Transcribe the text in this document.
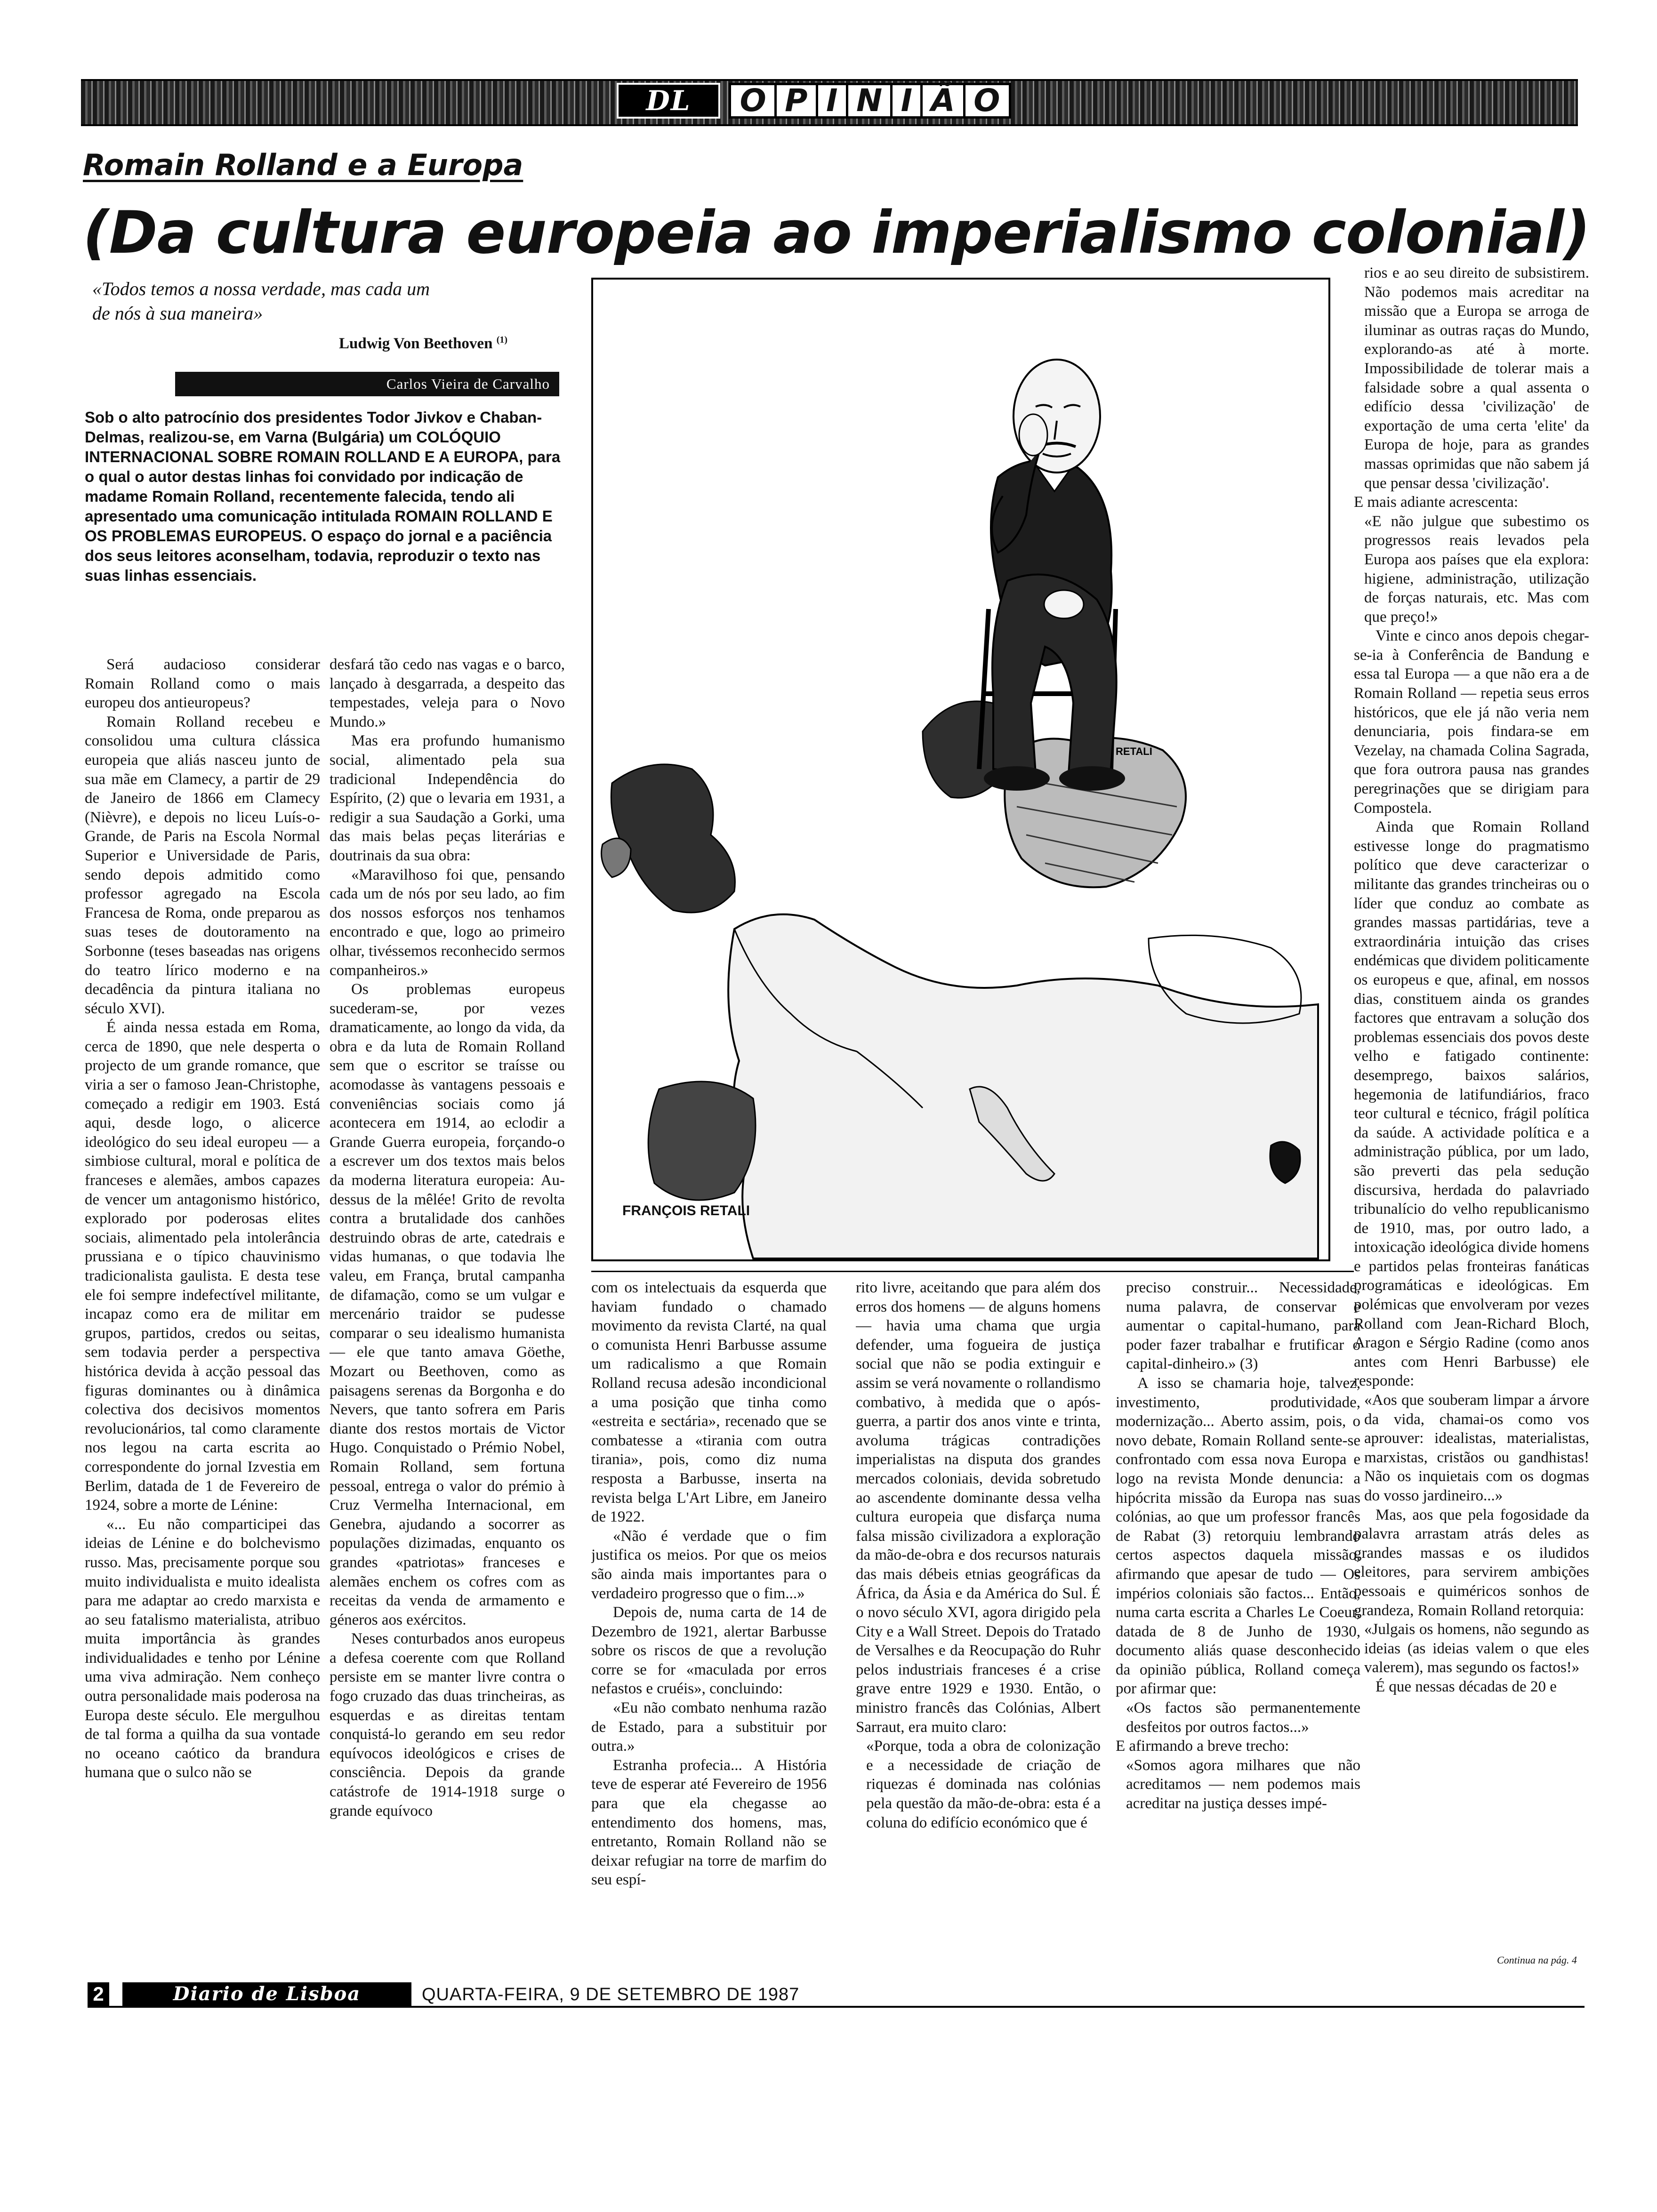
DL O P I N I Ã O
Romain Rolland e a Europa
(Da cultura europeia ao imperialismo colonial)
«Todos temos a nossa verdade, mas cada um
de nós à sua maneira»
Ludwig Von Beethoven $^{(1)}$
Carlos Vieira de Carvalho
Sob o alto patrocínio dos presidentes Todor Jivkov e Chaban-Delmas, realizou-se, em Varna (Bulgária) um COLÓQUIO INTERNACIONAL SOBRE ROMAIN ROLLAND E A EUROPA, para o qual o autor destas linhas foi convidado por indicação de madame Romain Rolland, recentemente falecida, tendo ali apresentado uma comunicação intitulada ROMAIN ROLLAND E OS PROBLEMAS EUROPEUS. O espaço do jornal e a paciência dos seus leitores aconselham, todavia, reproduzir o texto nas suas linhas essenciais.
RETALI
FRANÇOIS RETALI

Será audacioso considerar Romain Rolland como o mais europeu dos antieuropeus?

Romain Rolland recebeu e consolidou uma cultura clássica europeia que aliás nasceu junto de sua mãe em Clamecy, a partir de 29 de Janeiro de 1866 em Clamecy (Nièvre), e depois no liceu Luís-o-Grande, de Paris na Escola Normal Superior e Universidade de Paris, sendo depois admitido como professor agregado na Escola Francesa de Roma, onde preparou as suas teses de doutoramento na Sorbonne (teses baseadas nas origens do teatro lírico moderno e na decadência da pintura italiana no século XVI).

É ainda nessa estada em Roma, cerca de 1890, que nele desperta o projecto de um grande romance, que viria a ser o famoso Jean-Christophe, começado a redigir em 1903. Está aqui, desde logo, o alicerce ideológico do seu ideal europeu — a simbiose cultural, moral e política de franceses e alemães, ambos capazes de vencer um antagonismo histórico, explorado por poderosas elites sociais, alimentado pela intolerância prussiana e o típico chauvinismo tradicionalista gaulista. E desta tese ele foi sempre indefectível militante, incapaz como era de militar em grupos, partidos, credos ou seitas, sem todavia perder a perspectiva histórica devida à acção pessoal das figuras dominantes ou à dinâmica colectiva dos decisivos momentos revolucionários, tal como claramente nos legou na carta escrita ao correspondente do jornal Izvestia em Berlim, datada de 1 de Fevereiro de 1924, sobre a morte de Lénine:

«... Eu não comparticipei das ideias de Lénine e do bolchevismo russo. Mas, precisamente porque sou muito individualista e muito idealista para me adaptar ao credo marxista e ao seu fatalismo materialista, atribuo muita importância às grandes individualidades e tenho por Lénine uma viva admiração. Nem conheço outra personalidade mais poderosa na Europa deste século. Ele mergulhou de tal forma a quilha da sua vontade no oceano caótico da brandura humana que o sulco não se

desfará tão cedo nas vagas e o barco, lançado à desgarrada, a despeito das tempestades, veleja para o Novo Mundo.»

Mas era profundo humanismo social, alimentado pela sua tradicional Independência do Espírito, (2) que o levaria em 1931, a redigir a sua Saudação a Gorki, uma das mais belas peças literárias e doutrinais da sua obra:

«Maravilhoso foi que, pensando cada um de nós por seu lado, ao fim dos nossos esforços nos tenhamos encontrado e que, logo ao primeiro olhar, tivéssemos reconhecido sermos companheiros.»

Os problemas europeus sucederam-se, por vezes dramaticamente, ao longo da vida, da obra e da luta de Romain Rolland sem que o escritor se traísse ou acomodasse às vantagens pessoais e conveniências sociais como já acontecera em 1914, ao eclodir a Grande Guerra europeia, forçando-o a escrever um dos textos mais belos da moderna literatura europeia: Au-dessus de la mêlée! Grito de revolta contra a brutalidade dos canhões destruindo obras de arte, catedrais e vidas humanas, o que todavia lhe valeu, em França, brutal campanha de difamação, como se um vulgar e mercenário traidor se pudesse comparar o seu idealismo humanista — ele que tanto amava Göethe, Mozart ou Beethoven, como as paisagens serenas da Borgonha e do Nevers, que tanto sofrera em Paris diante dos restos mortais de Victor Hugo. Conquistado o Prémio Nobel, Romain Rolland, sem fortuna pessoal, entrega o valor do prémio à Cruz Vermelha Internacional, em Genebra, ajudando a socorrer as populações dizimadas, enquanto os grandes «patriotas» franceses e alemães enchem os cofres com as receitas da venda de armamento e géneros aos exércitos.

Neses conturbados anos europeus a defesa coerente com que Rolland persiste em se manter livre contra o fogo cruzado das duas trincheiras, as esquerdas e as direitas tentam conquistá-lo gerando em seu redor equívocos ideológicos e crises de consciência. Depois da grande catástrofe de 1914-1918 surge o grande equívoco

com os intelectuais da esquerda que haviam fundado o chamado movimento da revista Clarté, na qual o comunista Henri Barbusse assume um radicalismo a que Romain Rolland recusa adesão incondicional a uma posição que tinha como «estreita e sectária», recenado que se combatesse a «tirania com outra tirania», pois, como diz numa resposta a Barbusse, inserta na revista belga L'Art Libre, em Janeiro de 1922.

«Não é verdade que o fim justifica os meios. Por que os meios são ainda mais importantes para o verdadeiro progresso que o fim...»

Depois de, numa carta de 14 de Dezembro de 1921, alertar Barbusse sobre os riscos de que a revolução corre se for «maculada por erros nefastos e cruéis», concluindo:

«Eu não combato nenhuma razão de Estado, para a substituir por outra.»

Estranha profecia... A História teve de esperar até Fevereiro de 1956 para que ela chegasse ao entendimento dos homens, mas, entretanto, Romain Rolland não se deixar refugiar na torre de marfim do seu espí-

rito livre, aceitando que para além dos erros dos homens — de alguns homens — havia uma chama que urgia defender, uma fogueira de justiça social que não se podia extinguir e assim se verá novamente o rollandismo combativo, à medida que o após-guerra, a partir dos anos vinte e trinta, avoluma trágicas contradições imperialistas na disputa dos grandes mercados coloniais, devida sobretudo ao ascendente dominante dessa velha cultura europeia que disfarça numa falsa missão civilizadora a exploração da mão-de-obra e dos recursos naturais das mais débeis etnias geográficas da África, da Ásia e da América do Sul. É o novo século XVI, agora dirigido pela City e a Wall Street. Depois do Tratado de Versalhes e da Reocupação do Ruhr pelos industriais franceses é a crise grave entre 1929 e 1930. Então, o ministro francês das Colónias, Albert Sarraut, era muito claro:

«Porque, toda a obra de colonização e a necessidade de criação de riquezas é dominada nas colónias pela questão da mão-de-obra: esta é a coluna do edifício económico que é

preciso construir... Necessidade, numa palavra, de conservar e aumentar o capital-humano, para poder fazer trabalhar e frutificar o capital-dinheiro.» (3)

A isso se chamaria hoje, talvez, investimento, produtividade, modernização... Aberto assim, pois, o novo debate, Romain Rolland sente-se confrontado com essa nova Europa e logo na revista Monde denuncia: a hipócrita missão da Europa nas suas colónias, ao que um professor francês de Rabat (3) retorquiu lembrando certos aspectos daquela missão, afirmando que apesar de tudo — Os impérios coloniais são factos... Então, numa carta escrita a Charles Le Coeur, datada de 8 de Junho de 1930, documento aliás quase desconhecido da opinião pública, Rolland começa por afirmar que:

«Os factos são permanentemente desfeitos por outros factos...»

E afirmando a breve trecho:

«Somos agora milhares que não acreditamos — nem podemos mais acreditar na justiça desses impé-

rios e ao seu direito de subsistirem. Não podemos mais acreditar na missão que a Europa se arroga de iluminar as outras raças do Mundo, explorando-as até à morte. Impossibilidade de tolerar mais a falsidade sobre a qual assenta o edifício dessa 'civilização' de exportação de uma certa 'elite' da Europa de hoje, para as grandes massas oprimidas que não sabem já que pensar dessa 'civilização'.

E mais adiante acrescenta:

«E não julgue que subestimo os progressos reais levados pela Europa aos países que ela explora: higiene, administração, utilização de forças naturais, etc. Mas com que preço!»

Vinte e cinco anos depois chegar-se-ia à Conferência de Bandung e essa tal Europa — a que não era a de Romain Rolland — repetia seus erros históricos, que ele já não veria nem denunciaria, pois findara-se em Vezelay, na chamada Colina Sagrada, que fora outrora pausa nas grandes peregrinações que se dirigiam para Compostela.

Ainda que Romain Rolland estivesse longe do pragmatismo político que deve caracterizar o militante das grandes trincheiras ou o líder que conduz ao combate as grandes massas partidárias, teve a extraordinária intuição das crises endémicas que dividem politicamente os europeus e que, afinal, em nossos dias, constituem ainda os grandes factores que entravam a solução dos problemas essenciais dos povos deste velho e fatigado continente: desemprego, baixos salários, hegemonia de latifundiários, fraco teor cultural e técnico, frágil política da saúde. A actividade política e a administração pública, por um lado, são preverti das pela sedução discursiva, herdada do palavriado tribunalício do velho republicanismo de 1910, mas, por outro lado, a intoxicação ideológica divide homens e partidos pelas fronteiras fanáticas programáticas e ideológicas. Em polémicas que envolveram por vezes Rolland com Jean-Richard Bloch, Aragon e Sérgio Radine (como anos antes com Henri Barbusse) ele responde:

«Aos que souberam limpar a árvore da vida, chamai-os como vos aprouver: idealistas, materialistas, marxistas, cristãos ou gandhistas! Não os inquietais com os dogmas do vosso jardineiro...»

Mas, aos que pela fogosidade da palavra arrastam atrás deles as grandes massas e os iludidos eleitores, para servirem ambições pessoais e quiméricos sonhos de grandeza, Romain Rolland retorquia:

«Julgais os homens, não segundo as ideias (as ideias valem o que eles valerem), mas segundo os factos!»

É que nessas décadas de 20 e

Continua na pág. 4
2	Diario de Lisboa	QUARTA-FEIRA, 9 DE SETEMBRO DE 1987
